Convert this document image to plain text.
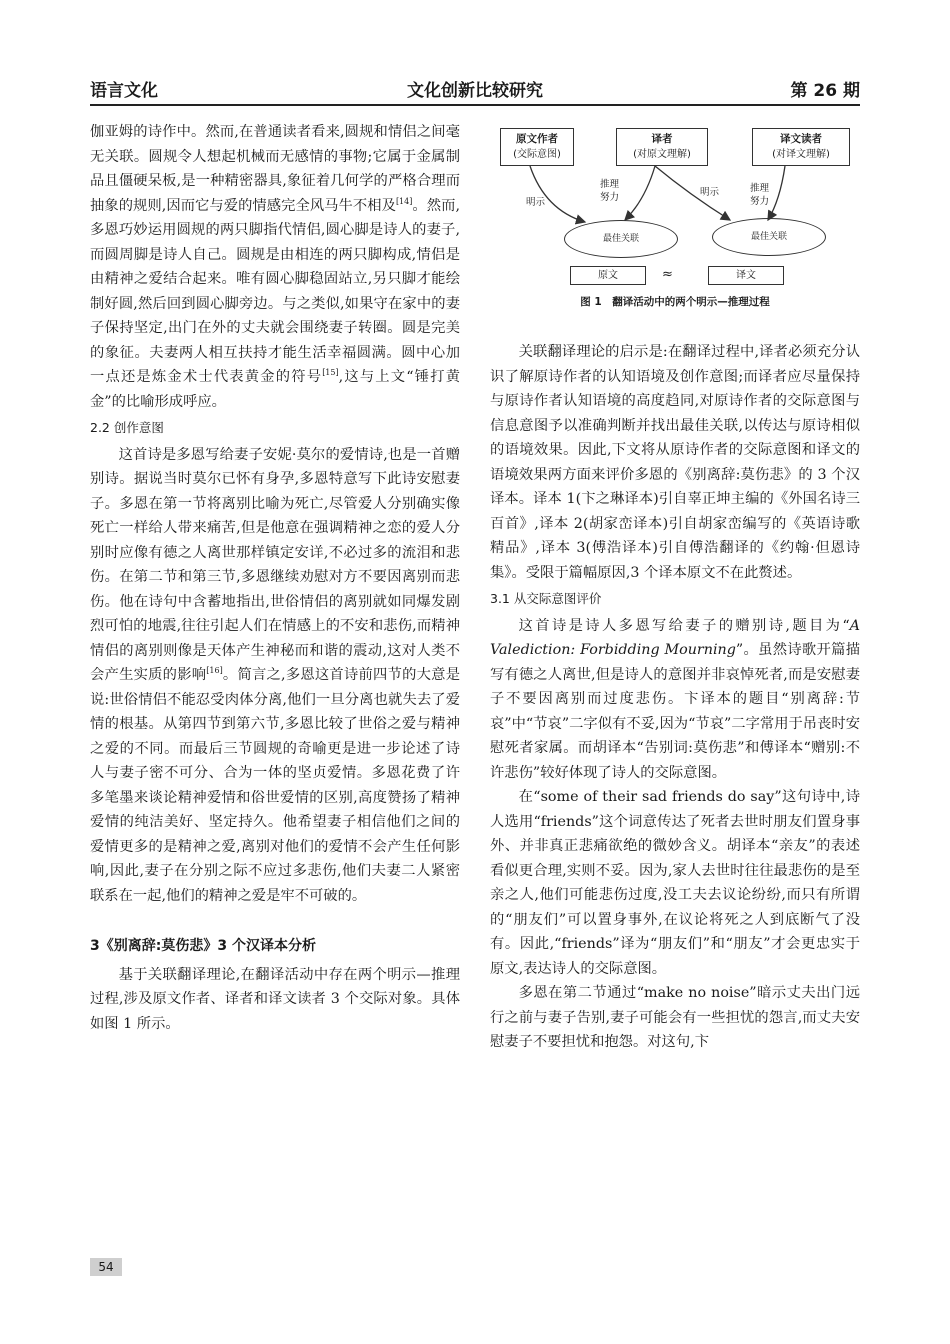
语言文化	文化创新比较研究	第 26 期

伽亚姆的诗作中。然而,在普通读者看来,圆规和情侣之间毫无关联。圆规令人想起机械而无感情的事物;它属于金属制品且僵硬呆板,是一种精密器具,象征着几何学的严格合理而抽象的规则,因而它与爱的情感完全风马牛不相及[14]。然而,多恩巧妙运用圆规的两只脚指代情侣,圆心脚是诗人的妻子,而圆周脚是诗人自己。圆规是由相连的两只脚构成,情侣是由精神之爱结合起来。唯有圆心脚稳固站立,另只脚才能绘制好圆,然后回到圆心脚旁边。与之类似,如果守在家中的妻子保持坚定,出门在外的丈夫就会围绕妻子转圈。圆是完美的象征。夫妻两人相互扶持才能生活幸福圆满。圆中心加一点还是炼金术士代表黄金的符号[15],这与上文“锤打黄金”的比喻形成呼应。

2.2 创作意图

这首诗是多恩写给妻子安妮·莫尔的爱情诗,也是一首赠别诗。据说当时莫尔已怀有身孕,多恩特意写下此诗安慰妻子。多恩在第一节将离别比喻为死亡,尽管爱人分别确实像死亡一样给人带来痛苦,但是他意在强调精神之恋的爱人分别时应像有德之人离世那样镇定安详,不必过多的流泪和悲伤。在第二节和第三节,多恩继续劝慰对方不要因离别而悲伤。他在诗句中含蓄地指出,世俗情侣的离别就如同爆发剧烈可怕的地震,往往引起人们在情感上的不安和悲伤,而精神情侣的离别则像是天体产生神秘而和谐的震动,这对人类不会产生实质的影响[16]。简言之,多恩这首诗前四节的大意是说:世俗情侣不能忍受肉体分离,他们一旦分离也就失去了爱情的根基。从第四节到第六节,多恩比较了世俗之爱与精神之爱的不同。而最后三节圆规的奇喻更是进一步论述了诗人与妻子密不可分、合为一体的坚贞爱情。多恩花费了许多笔墨来谈论精神爱情和俗世爱情的区别,高度赞扬了精神爱情的纯洁美好、坚定持久。他希望妻子相信他们之间的爱情更多的是精神之爱,离别对他们的爱情不会产生任何影响,因此,妻子在分别之际不应过多悲伤,他们夫妻二人紧密联系在一起,他们的精神之爱是牢不可破的。

3《别离辞:莫伤悲》3 个汉译本分析

基于关联翻译理论,在翻译活动中存在两个明示—推理过程,涉及原文作者、译者和译文读者 3 个交际对象。具体如图 1 所示。

原文作者
(交际意图)
译者
(对原文理解)
译文读者
(对译文理解)
明示
推理
努力	明示	推理
努力
最佳关联	最佳关联
原文	≈	译文
图 1　翻译活动中的两个明示—推理过程

关联翻译理论的启示是:在翻译过程中,译者必须充分认识了解原诗作者的认知语境及创作意图;而译者应尽量保持与原诗作者认知语境的高度趋同,对原诗作者的交际意图与信息意图予以准确判断并找出最佳关联,以传达与原诗相似的语境效果。因此,下文将从原诗作者的交际意图和译文的语境效果两方面来评价多恩的《别离辞:莫伤悲》的 3 个汉译本。译本 1(卞之琳译本)引自辜正坤主编的《外国名诗三百首》,译本 2(胡家峦译本)引自胡家峦编写的《英语诗歌精品》,译本 3(傅浩译本)引自傅浩翻译的《约翰·但恩诗集》。受限于篇幅原因,3 个译本原文不在此赘述。

3.1 从交际意图评价

这首诗是诗人多恩写给妻子的赠别诗,题目为“A Valediction: Forbidding Mourning”。虽然诗歌开篇描写有德之人离世,但是诗人的意图并非哀悼死者,而是安慰妻子不要因离别而过度悲伤。卞译本的题目“别离辞:节哀”中“节哀”二字似有不妥,因为“节哀”二字常用于吊丧时安慰死者家属。而胡译本“告别词:莫伤悲”和傅译本“赠别:不许悲伤”较好体现了诗人的交际意图。

在“some of their sad friends do say”这句诗中,诗人选用“friends”这个词意传达了死者去世时朋友们置身事外、并非真正悲痛欲绝的微妙含义。胡译本“亲友”的表述看似更合理,实则不妥。因为,家人去世时往往最悲伤的是至亲之人,他们可能悲伤过度,没工夫去议论纷纷,而只有所谓的“朋友们”可以置身事外,在议论将死之人到底断气了没有。因此,“friends”译为“朋友们”和“朋友”才会更忠实于原文,表达诗人的交际意图。

多恩在第二节通过“make no noise”暗示丈夫出门远行之前与妻子告别,妻子可能会有一些担忧的怨言,而丈夫安慰妻子不要担忧和抱怨。对这句,卞

54
